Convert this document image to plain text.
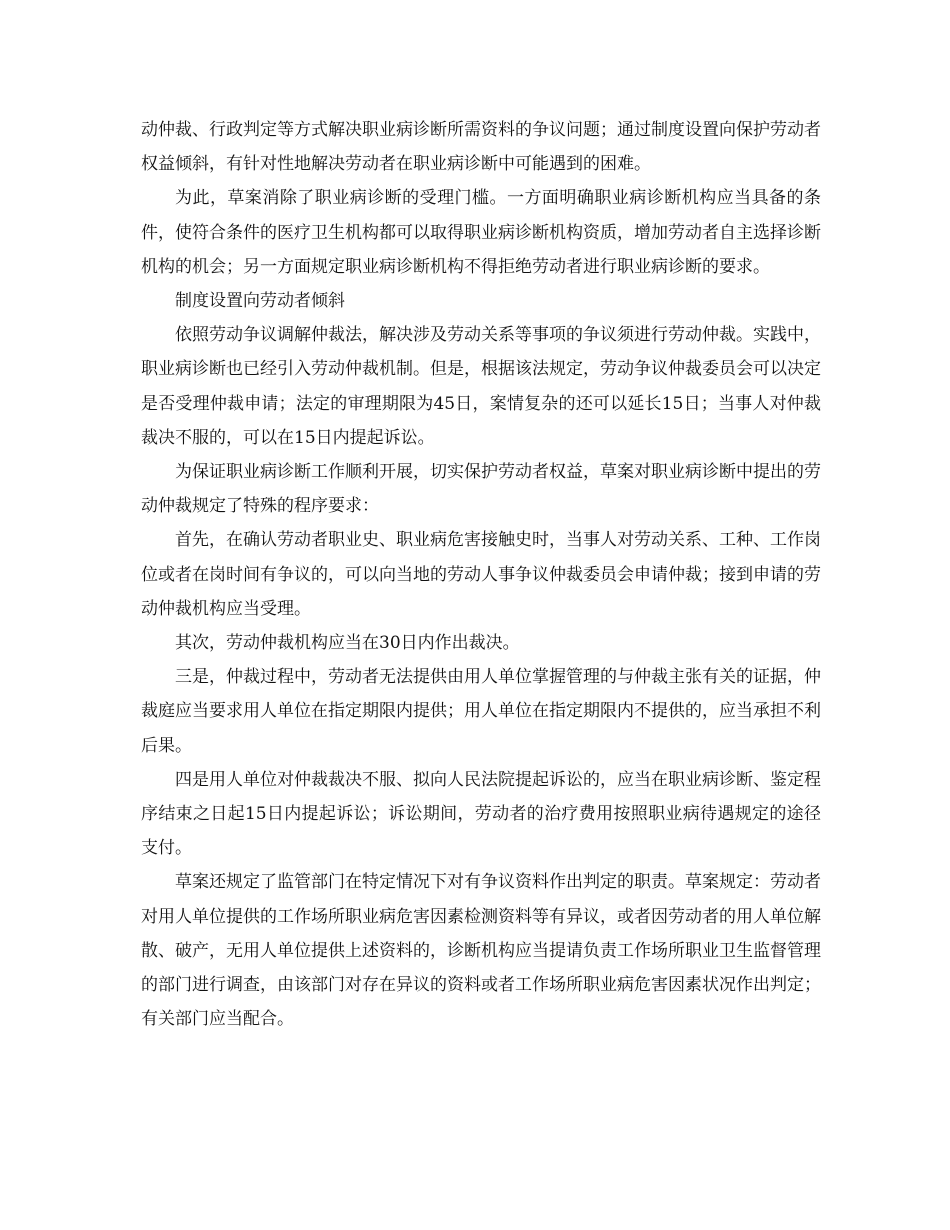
动仲裁、行政判定等方式解决职业病诊断所需资料的争议问题；通过制度设置向保护劳动者权益倾斜，有针对性地解决劳动者在职业病诊断中可能遇到的困难。

为此，草案消除了职业病诊断的受理门槛。一方面明确职业病诊断机构应当具备的条件，使符合条件的医疗卫生机构都可以取得职业病诊断机构资质，增加劳动者自主选择诊断机构的机会；另一方面规定职业病诊断机构不得拒绝劳动者进行职业病诊断的要求。

制度设置向劳动者倾斜

依照劳动争议调解仲裁法，解决涉及劳动关系等事项的争议须进行劳动仲裁。实践中，职业病诊断也已经引入劳动仲裁机制。但是，根据该法规定，劳动争议仲裁委员会可以决定是否受理仲裁申请；法定的审理期限为45日，案情复杂的还可以延长15日；当事人对仲裁裁决不服的，可以在15日内提起诉讼。

为保证职业病诊断工作顺利开展，切实保护劳动者权益，草案对职业病诊断中提出的劳动仲裁规定了特殊的程序要求：

首先，在确认劳动者职业史、职业病危害接触史时，当事人对劳动关系、工种、工作岗位或者在岗时间有争议的，可以向当地的劳动人事争议仲裁委员会申请仲裁；接到申请的劳动仲裁机构应当受理。

其次，劳动仲裁机构应当在30日内作出裁决。

三是，仲裁过程中，劳动者无法提供由用人单位掌握管理的与仲裁主张有关的证据，仲裁庭应当要求用人单位在指定期限内提供；用人单位在指定期限内不提供的，应当承担不利后果。

四是用人单位对仲裁裁决不服、拟向人民法院提起诉讼的，应当在职业病诊断、鉴定程序结束之日起15日内提起诉讼；诉讼期间，劳动者的治疗费用按照职业病待遇规定的途径支付。

草案还规定了监管部门在特定情况下对有争议资料作出判定的职责。草案规定：劳动者对用人单位提供的工作场所职业病危害因素检测资料等有异议，或者因劳动者的用人单位解散、破产，无用人单位提供上述资料的，诊断机构应当提请负责工作场所职业卫生监督管理的部门进行调查，由该部门对存在异议的资料或者工作场所职业病危害因素状况作出判定；有关部门应当配合。
